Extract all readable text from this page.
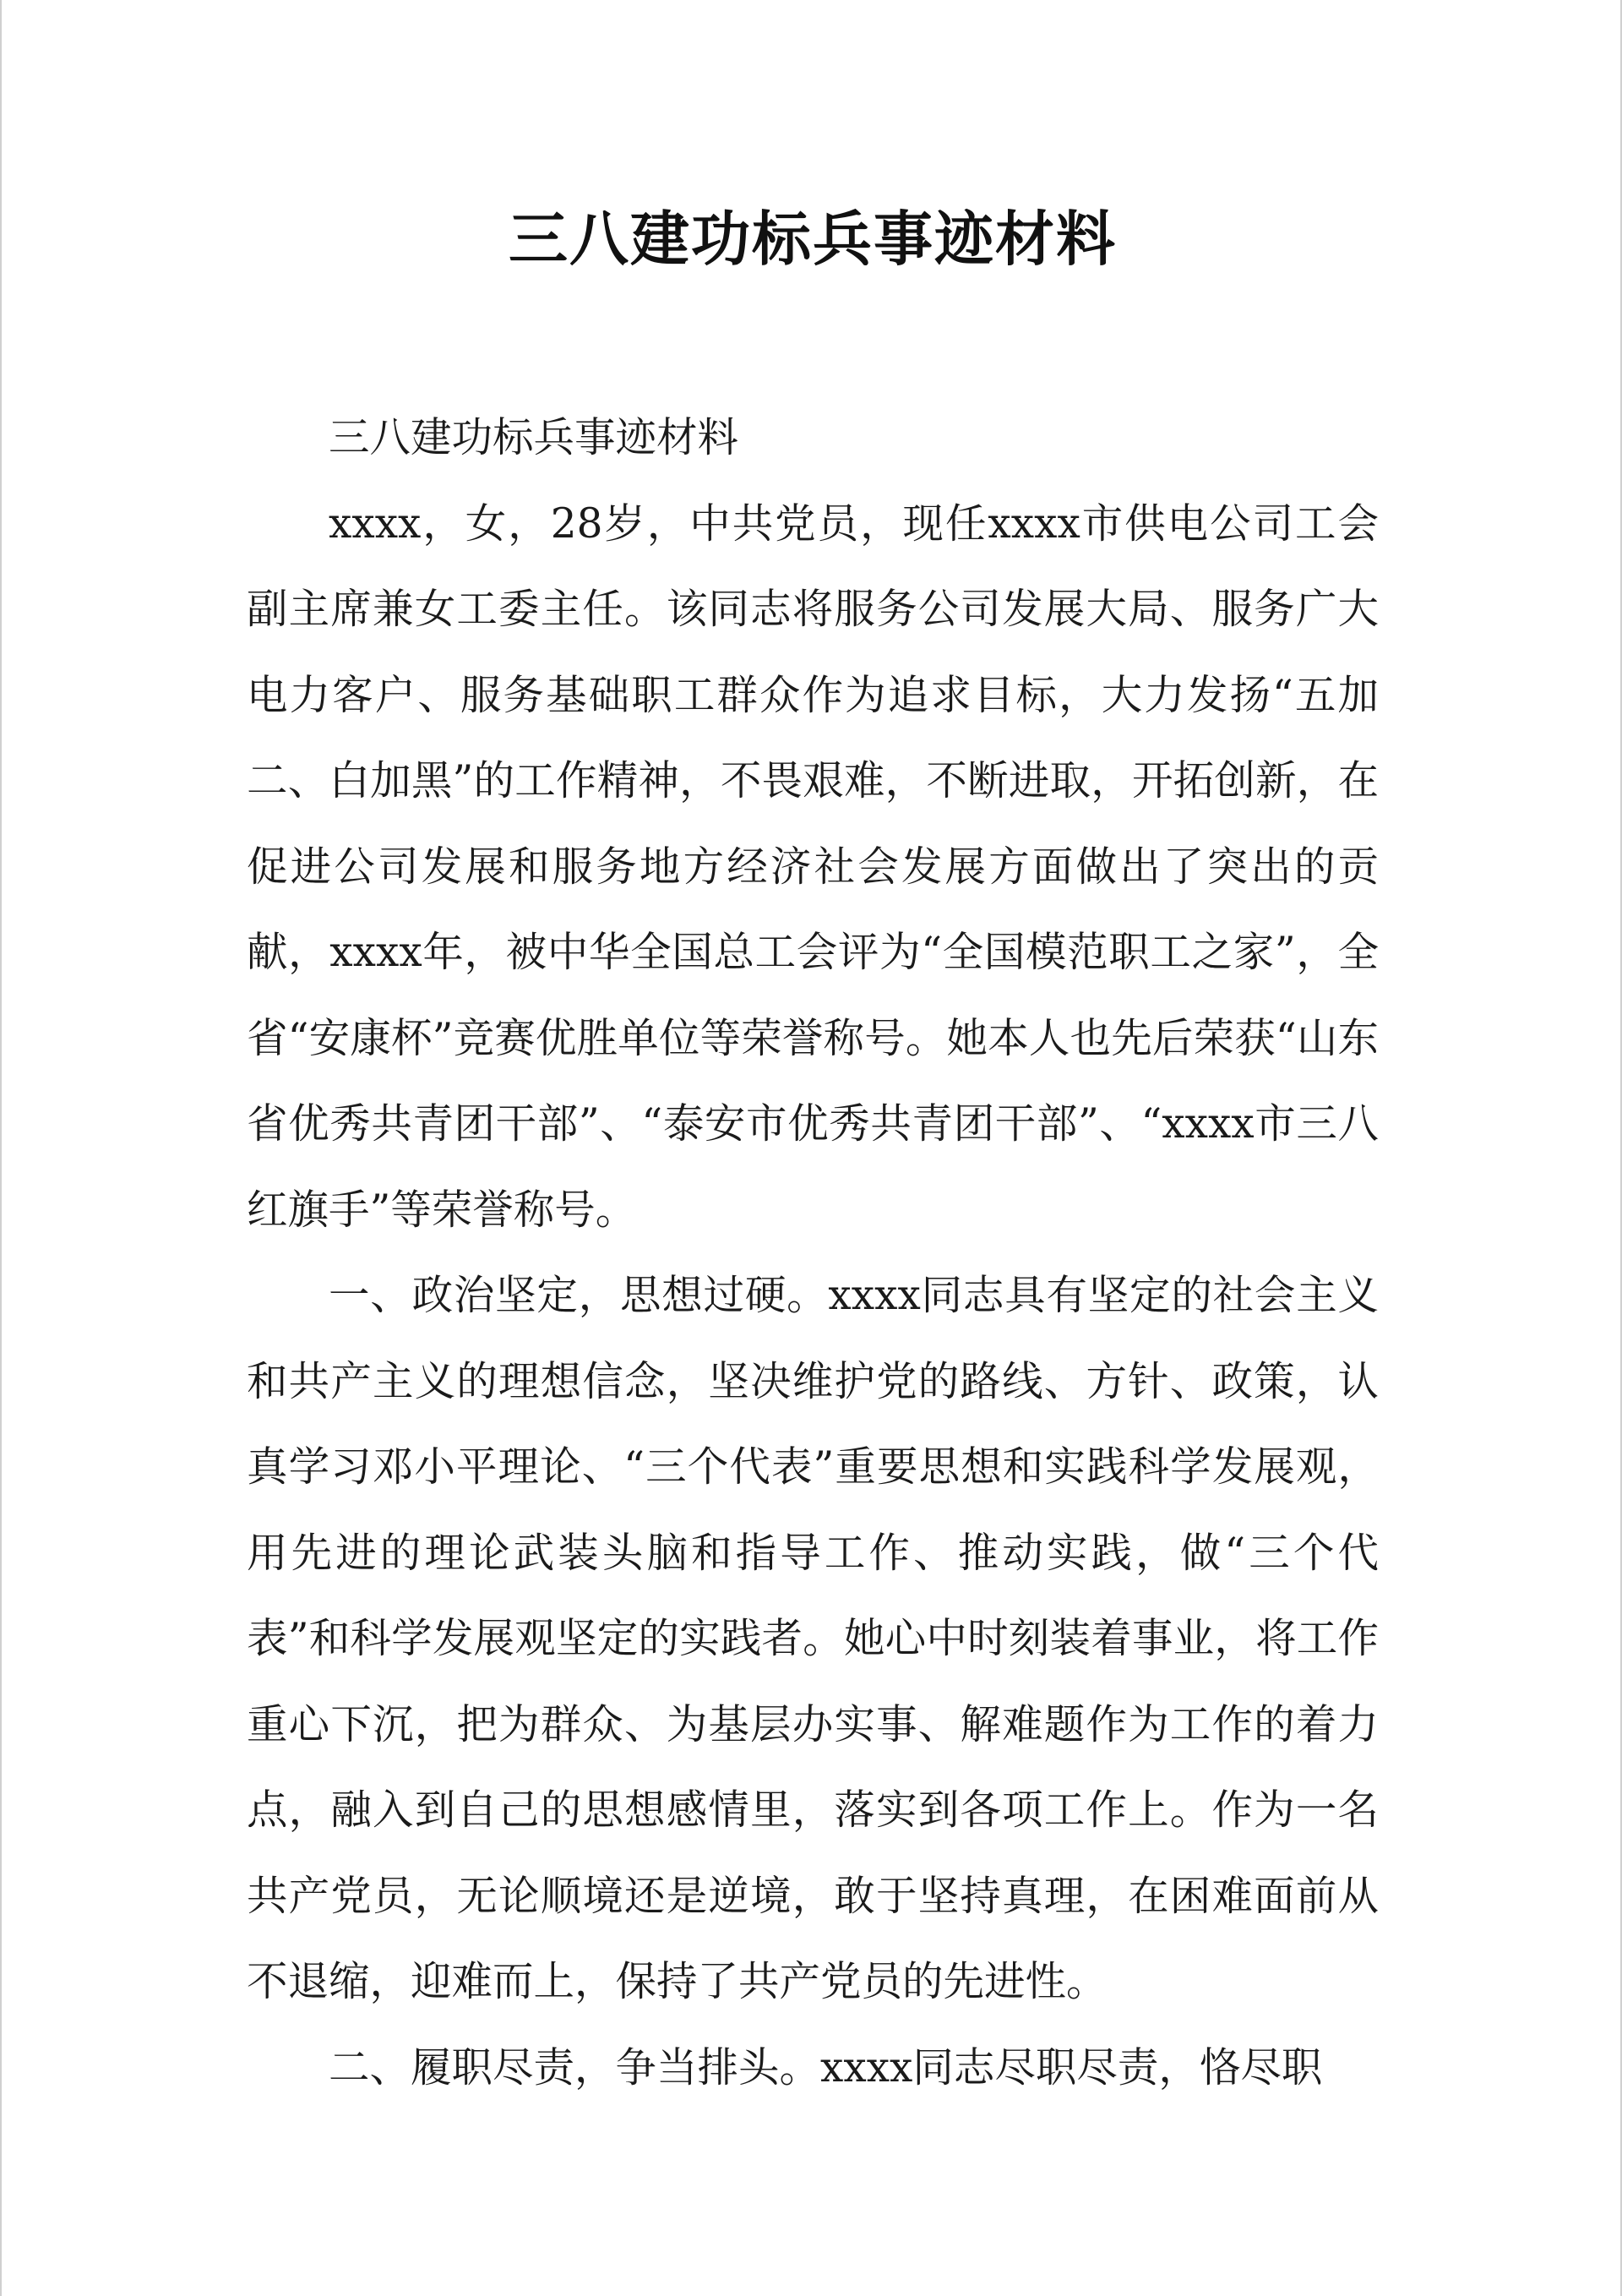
三八建功标兵事迹材料

三八建功标兵事迹材料

xxxx，女，28岁，中共党员，现任xxxx市供电公司工会副主席兼女工委主任。该同志将服务公司发展大局、服务广大电力客户、服务基础职工群众作为追求目标，大力发扬“五加二、白加黑”的工作精神，不畏艰难，不断进取，开拓创新，在促进公司发展和服务地方经济社会发展方面做出了突出的贡献，xxxx年，被中华全国总工会评为“全国模范职工之家”，全省“安康杯”竞赛优胜单位等荣誉称号。她本人也先后荣获“山东省优秀共青团干部”、“泰安市优秀共青团干部”、“xxxx市三八红旗手”等荣誉称号。

一、政治坚定，思想过硬。xxxx同志具有坚定的社会主义和共产主义的理想信念，坚决维护党的路线、方针、政策，认真学习邓小平理论、“三个代表”重要思想和实践科学发展观，用先进的理论武装头脑和指导工作、推动实践，做“三个代表”和科学发展观坚定的实践者。她心中时刻装着事业，将工作重心下沉，把为群众、为基层办实事、解难题作为工作的着力点，融入到自己的思想感情里，落实到各项工作上。作为一名共产党员，无论顺境还是逆境，敢于坚持真理，在困难面前从不退缩，迎难而上，保持了共产党员的先进性。

二、履职尽责，争当排头。xxxx同志尽职尽责，恪尽职
